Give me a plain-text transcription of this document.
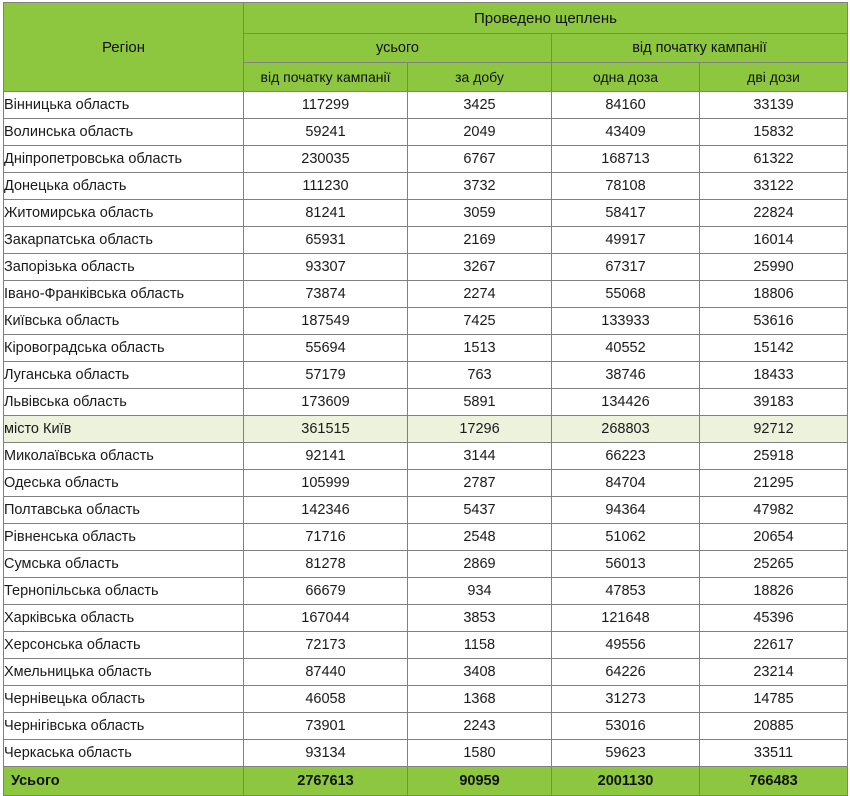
Регіон	Проведено щеплень			
	усього		від початку кампанії	
	від початку кампанії	за добу	одна доза	дві дози
Вінницька область	117299	3425	84160	33139
Волинська область	59241	2049	43409	15832
Дніпропетровська область	230035	6767	168713	61322
Донецька область	111230	3732	78108	33122
Житомирська область	81241	3059	58417	22824
Закарпатська область	65931	2169	49917	16014
Запорізька область	93307	3267	67317	25990
Івано-Франківська область	73874	2274	55068	18806
Київська область	187549	7425	133933	53616
Кіровоградська область	55694	1513	40552	15142
Луганська область	57179	763	38746	18433
Львівська область	173609	5891	134426	39183
місто Київ	361515	17296	268803	92712
Миколаївська область	92141	3144	66223	25918
Одеська область	105999	2787	84704	21295
Полтавська область	142346	5437	94364	47982
Рівненська область	71716	2548	51062	20654
Сумська область	81278	2869	56013	25265
Тернопільська область	66679	934	47853	18826
Харківська область	167044	3853	121648	45396
Херсонська область	72173	1158	49556	22617
Хмельницька область	87440	3408	64226	23214
Чернівецька область	46058	1368	31273	14785
Чернігівська область	73901	2243	53016	20885
Черкаська область	93134	1580	59623	33511
Усього	2767613	90959	2001130	766483
